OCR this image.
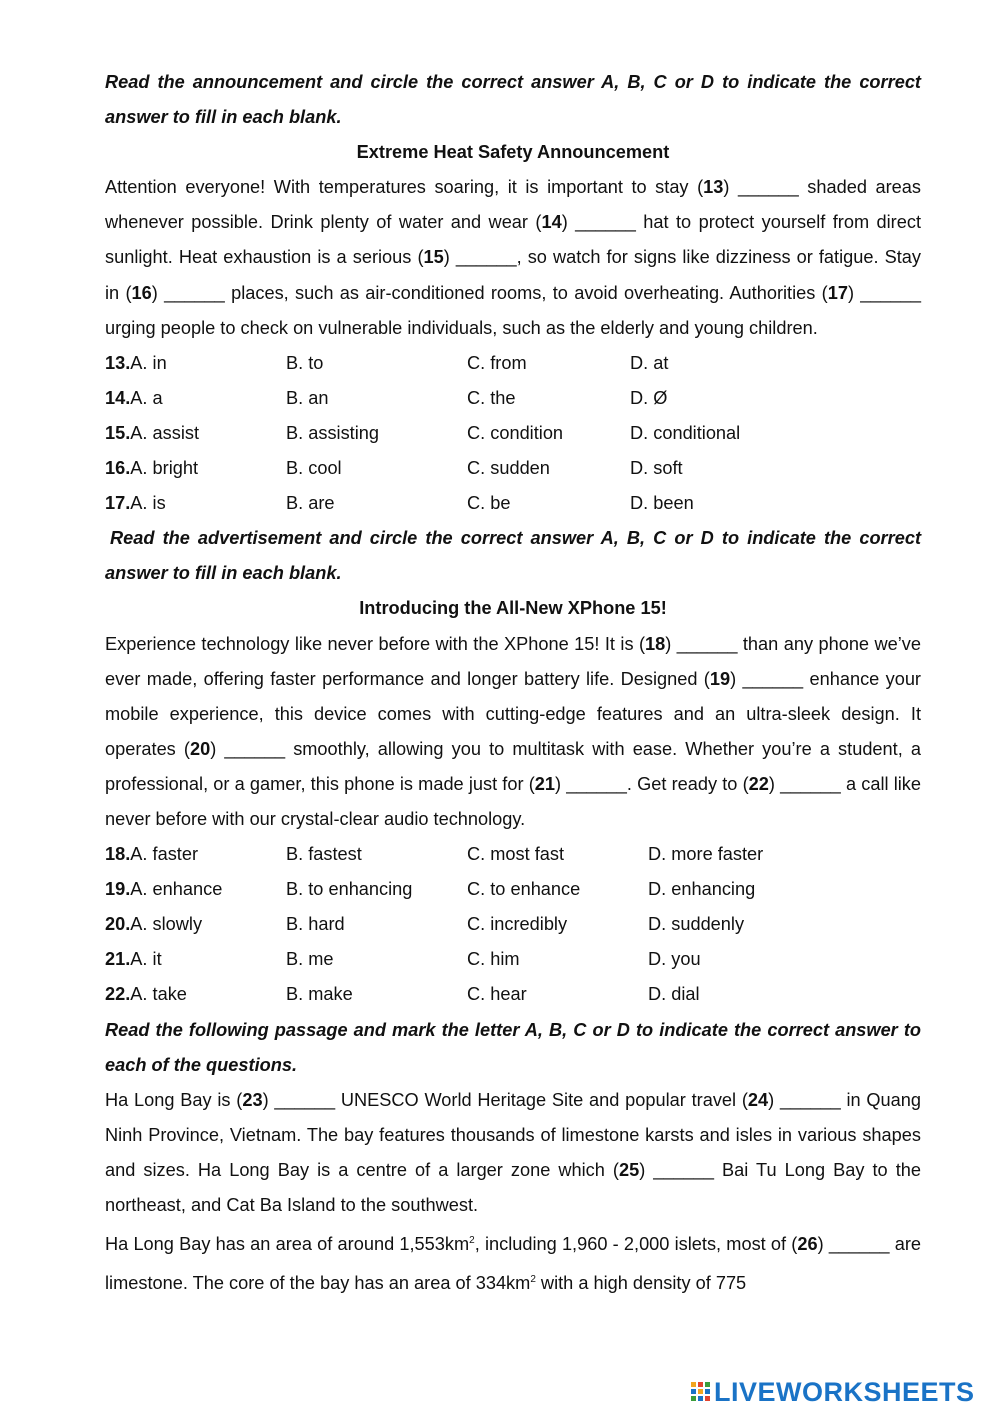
Read the announcement and circle the correct answer A, B, C or D to indicate the correct answer to fill in each blank.

Extreme Heat Safety Announcement

Attention everyone! With temperatures soaring, it is important to stay (13) ______ shaded areas whenever possible. Drink plenty of water and wear (14) ______ hat to protect yourself from direct sunlight. Heat exhaustion is a serious (15) ______, so watch for signs like dizziness or fatigue. Stay in (16) ______ places, such as air-conditioned rooms, to avoid overheating. Authorities (17) ______ urging people to check on vulnerable individuals, such as the elderly and young children.

13.A. in	B. to	C. from	D. at
14.A. a	B. an	C. the	D. Ø
15.A. assist	B. assisting	C. condition	D. conditional
16.A. bright	B. cool	C. sudden	D. soft
17.A. is	B. are	C. be	D. been

Read the advertisement and circle the correct answer A, B, C or D to indicate the correct answer to fill in each blank.

Introducing the All-New XPhone 15!

Experience technology like never before with the XPhone 15! It is (18) ______ than any phone we’ve ever made, offering faster performance and longer battery life. Designed (19) ______ enhance your mobile experience, this device comes with cutting-edge features and an ultra-sleek design. It operates (20) ______ smoothly, allowing you to multitask with ease. Whether you’re a student, a professional, or a gamer, this phone is made just for (21) ______. Get ready to (22) ______ a call like never before with our crystal-clear audio technology.

18.A. faster	B. fastest	C. most fast	D. more faster
19.A. enhance	B. to enhancing	C. to enhance	D. enhancing
20.A. slowly	B. hard	C. incredibly	D. suddenly
21.A. it	B. me	C. him	D. you
22.A. take	B. make	C. hear	D. dial

Read the following passage and mark the letter A, B, C or D to indicate the correct answer to each of the questions.

Ha Long Bay is (23) ______ UNESCO World Heritage Site and popular travel (24) ______ in Quang Ninh Province, Vietnam. The bay features thousands of limestone karsts and isles in various shapes and sizes. Ha Long Bay is a centre of a larger zone which (25) ______ Bai Tu Long Bay to the northeast, and Cat Ba Island to the southwest.

Ha Long Bay has an area of around $1,553km^2$, including 1,960 - 2,000 islets, most of (26) ______ are limestone. The core of the bay has an area of $334km^2$ with a high density of 775

LIVEWORKSHEETS
